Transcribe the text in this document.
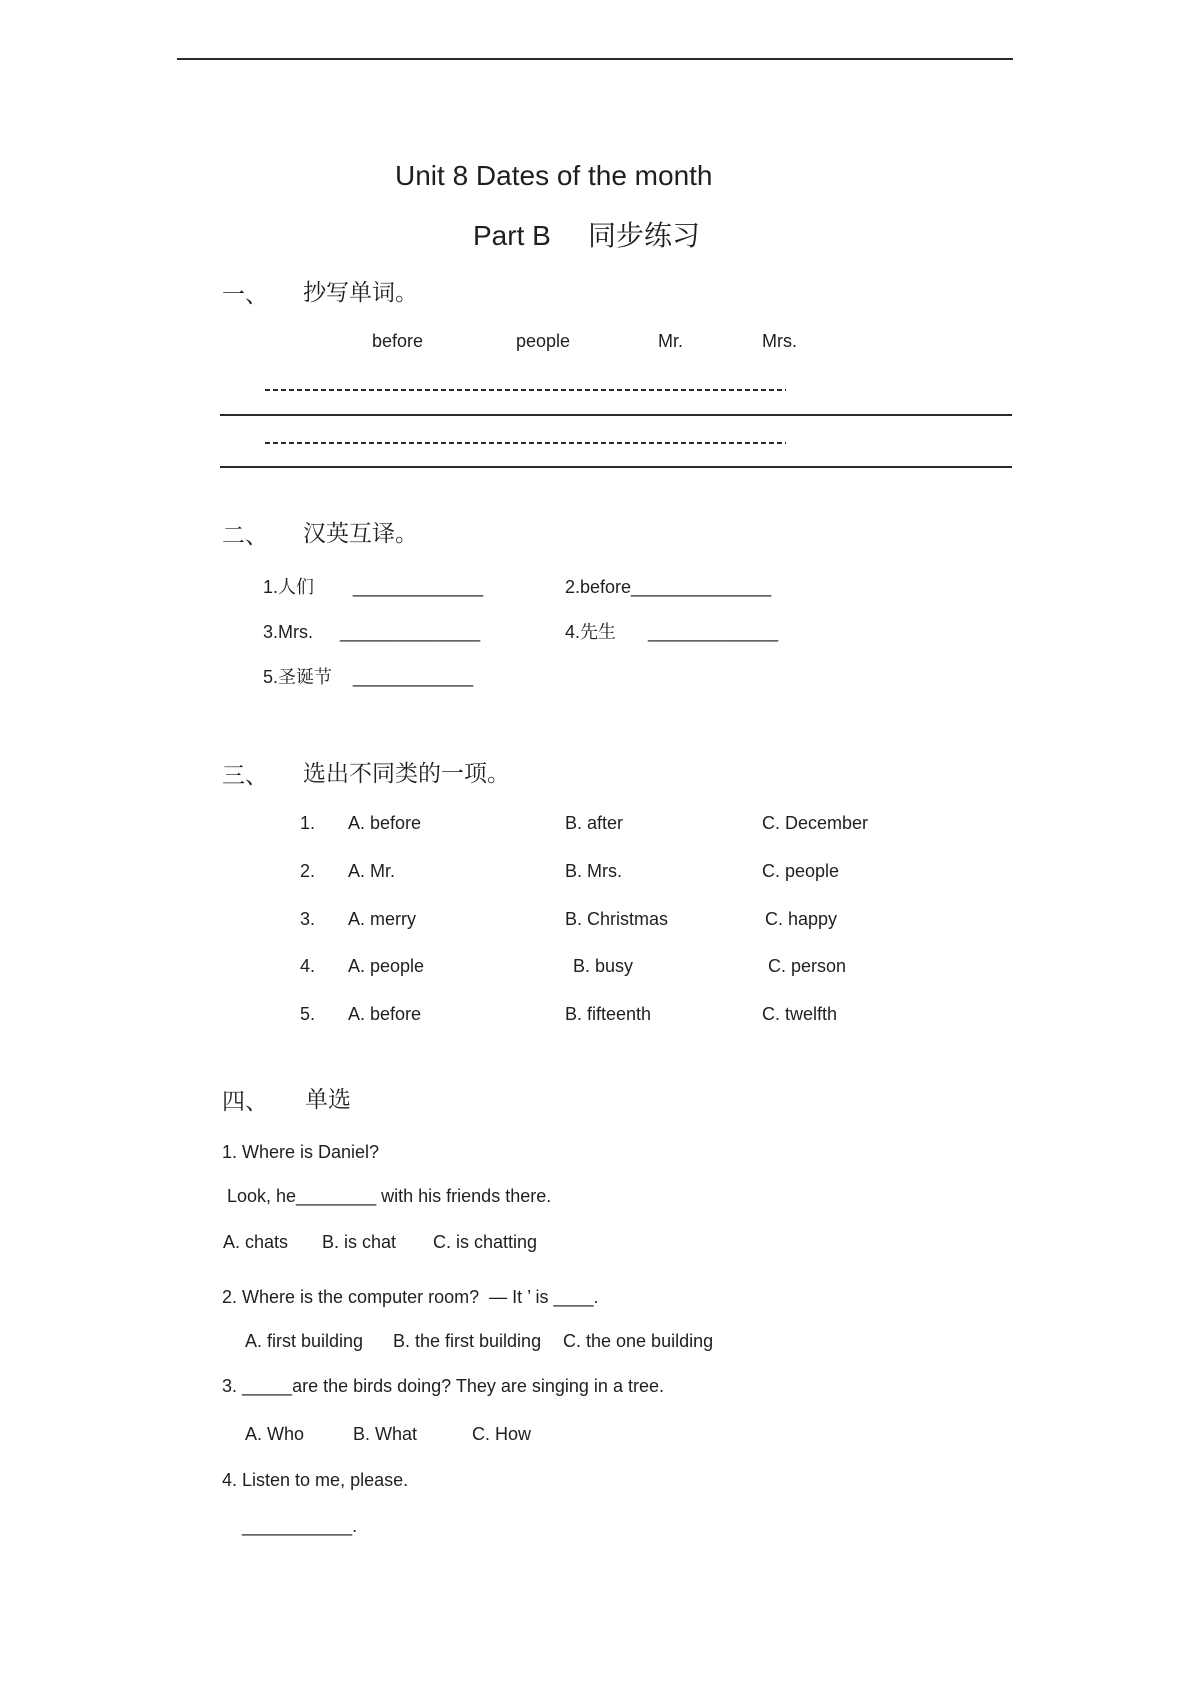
Unit 8 Dates of the month
Part B 同步练习
一、 抄写单词。
before	people	Mr.	Mrs.
二、 汉英互译。
1.人们 _____________	2.before______________
3.Mrs. ______________	4.先生 _____________
5.圣诞节 ____________
三、 选出不同类的一项。
1. A. before	B. after	C. December
2. A. Mr.	B. Mrs.	C. people
3. A. merry	B. Christmas	C. happy
4. A. people	B. busy	C. person
5. A. before	B. fifteenth	C. twelfth
四、 单选
1. Where is Daniel?
Look, he________ with his friends there.
A. chats B. is chat C. is chatting
2. Where is the computer room?  — It ’ is ____.
A. first building B. the first building C. the one building
3. _____are the birds doing? They are singing in a tree.
A. Who	B. What	C. How
4. Listen to me, please.
___________.
